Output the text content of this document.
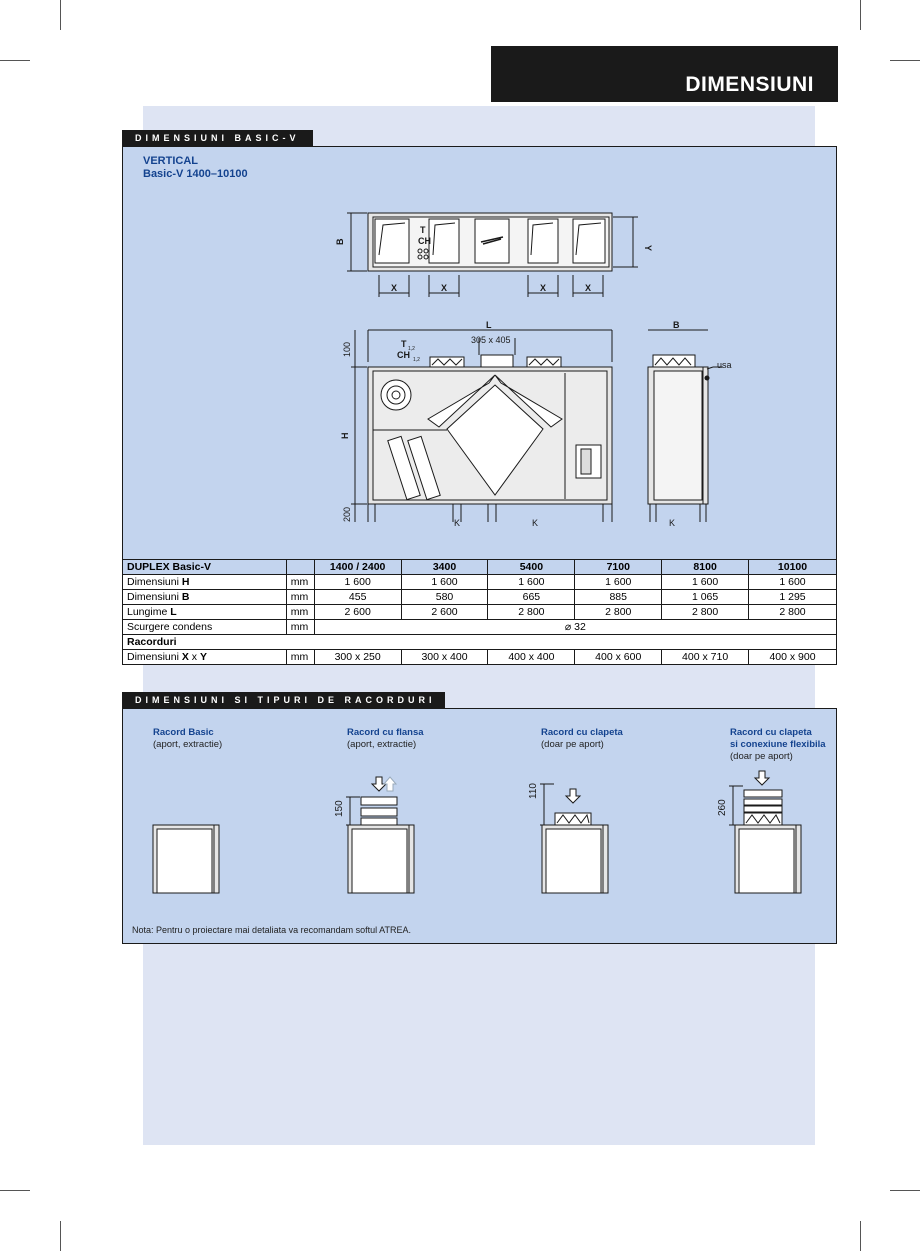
DIMENSIUNI
DIMENSIUNI BASIC-V
VERTICAL
Basic-V 1400–10100
B
Y
X	X	X	X
T
CH
L	B
H
T
CH
100
200
305 x 405
usa
K	K	K
1,2
1,2
DUPLEX Basic-V		1400 / 2400	3400	5400	7100	8100	10100
Dimensiuni H	mm	1 600	1 600	1 600	1 600	1 600	1 600
Dimensiuni B	mm	455	580	665	885	1 065	1 295
Lungime L	mm	2 600	2 600	2 800	2 800	2 800	2 800
Scurgere condens	mm	⌀ 32					
Racorduri							
Dimensiuni X x Y	mm	300 x 250	300 x 400	400 x 400	400 x 600	400 x 710	400 x 900
DIMENSIUNI SI TIPURI DE RACORDURI
Racord Basic
(aport, extractie)
Racord cu flansa
(aport, extractie)
Racord cu clapeta
(doar pe aport)
Racord cu clapeta
si conexiune flexibila
(doar pe aport)
150
110
260
Nota: Pentru o proiectare mai detaliata va recomandam softul ATREA.
